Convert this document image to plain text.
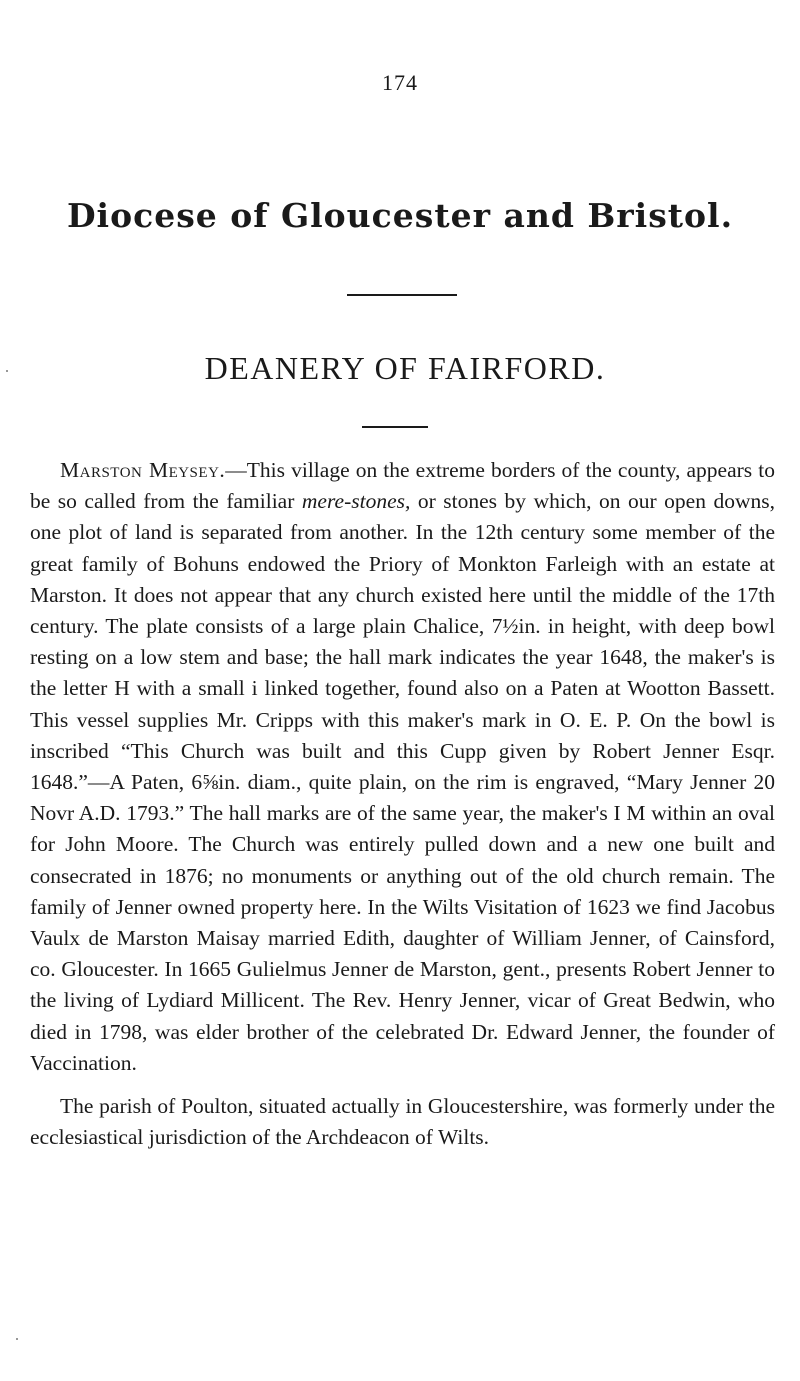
174
Diocese of Gloucester and Bristol.
DEANERY OF FAIRFORD.

Marston Meysey.—This village on the extreme borders of the county, appears to be so called from the familiar mere-stones, or stones by which, on our open downs, one plot of land is separated from another. In the 12th century some member of the great family of Bohuns endowed the Priory of Monkton Farleigh with an estate at Marston. It does not appear that any church existed here until the middle of the 17th century. The plate consists of a large plain Chalice, 7½in. in height, with deep bowl resting on a low stem and base; the hall mark indicates the year 1648, the maker's is the letter H with a small i linked together, found also on a Paten at Wootton Bassett. This vessel supplies Mr. Cripps with this maker's mark in O. E. P. On the bowl is inscribed “This Church was built and this Cupp given by Robert Jenner Esqr. 1648.”—A Paten, 6⅝in. diam., quite plain, on the rim is engraved, “Mary Jenner 20 Novr A.D. 1793.” The hall marks are of the same year, the maker's I M within an oval for John Moore. The Church was entirely pulled down and a new one built and consecrated in 1876; no monuments or anything out of the old church remain. The family of Jenner owned property here. In the Wilts Visitation of 1623 we find Jacobus Vaulx de Marston Maisay married Edith, daughter of William Jenner, of Cainsford, co. Gloucester. In 1665 Gulielmus Jenner de Marston, gent., presents Robert Jenner to the living of Lydiard Millicent. The Rev. Henry Jenner, vicar of Great Bedwin, who died in 1798, was elder brother of the celebrated Dr. Edward Jenner, the founder of Vaccination.

The parish of Poulton, situated actually in Gloucestershire, was formerly under the ecclesiastical jurisdiction of the Archdeacon of Wilts.
